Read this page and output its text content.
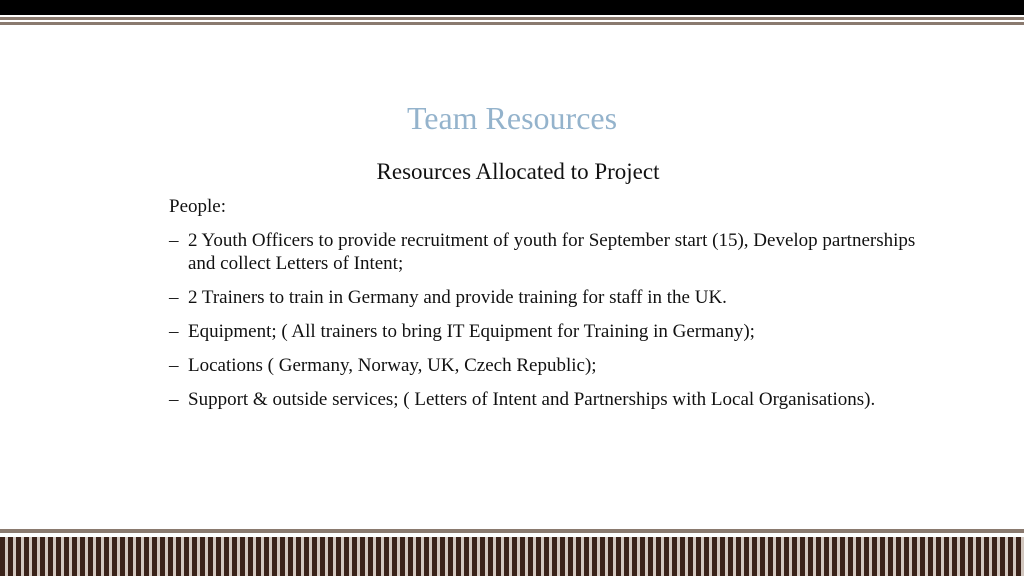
Team Resources
Resources Allocated to Project
People:
– 2 Youth Officers to provide recruitment of youth for September start (15), Develop partnerships and collect Letters of Intent;
– 2 Trainers to train in Germany and provide training for staff in the UK.
– Equipment; ( All trainers to bring IT Equipment for Training in Germany);
– Locations ( Germany, Norway, UK, Czech Republic);
– Support & outside services; ( Letters of Intent and Partnerships with Local Organisations).
